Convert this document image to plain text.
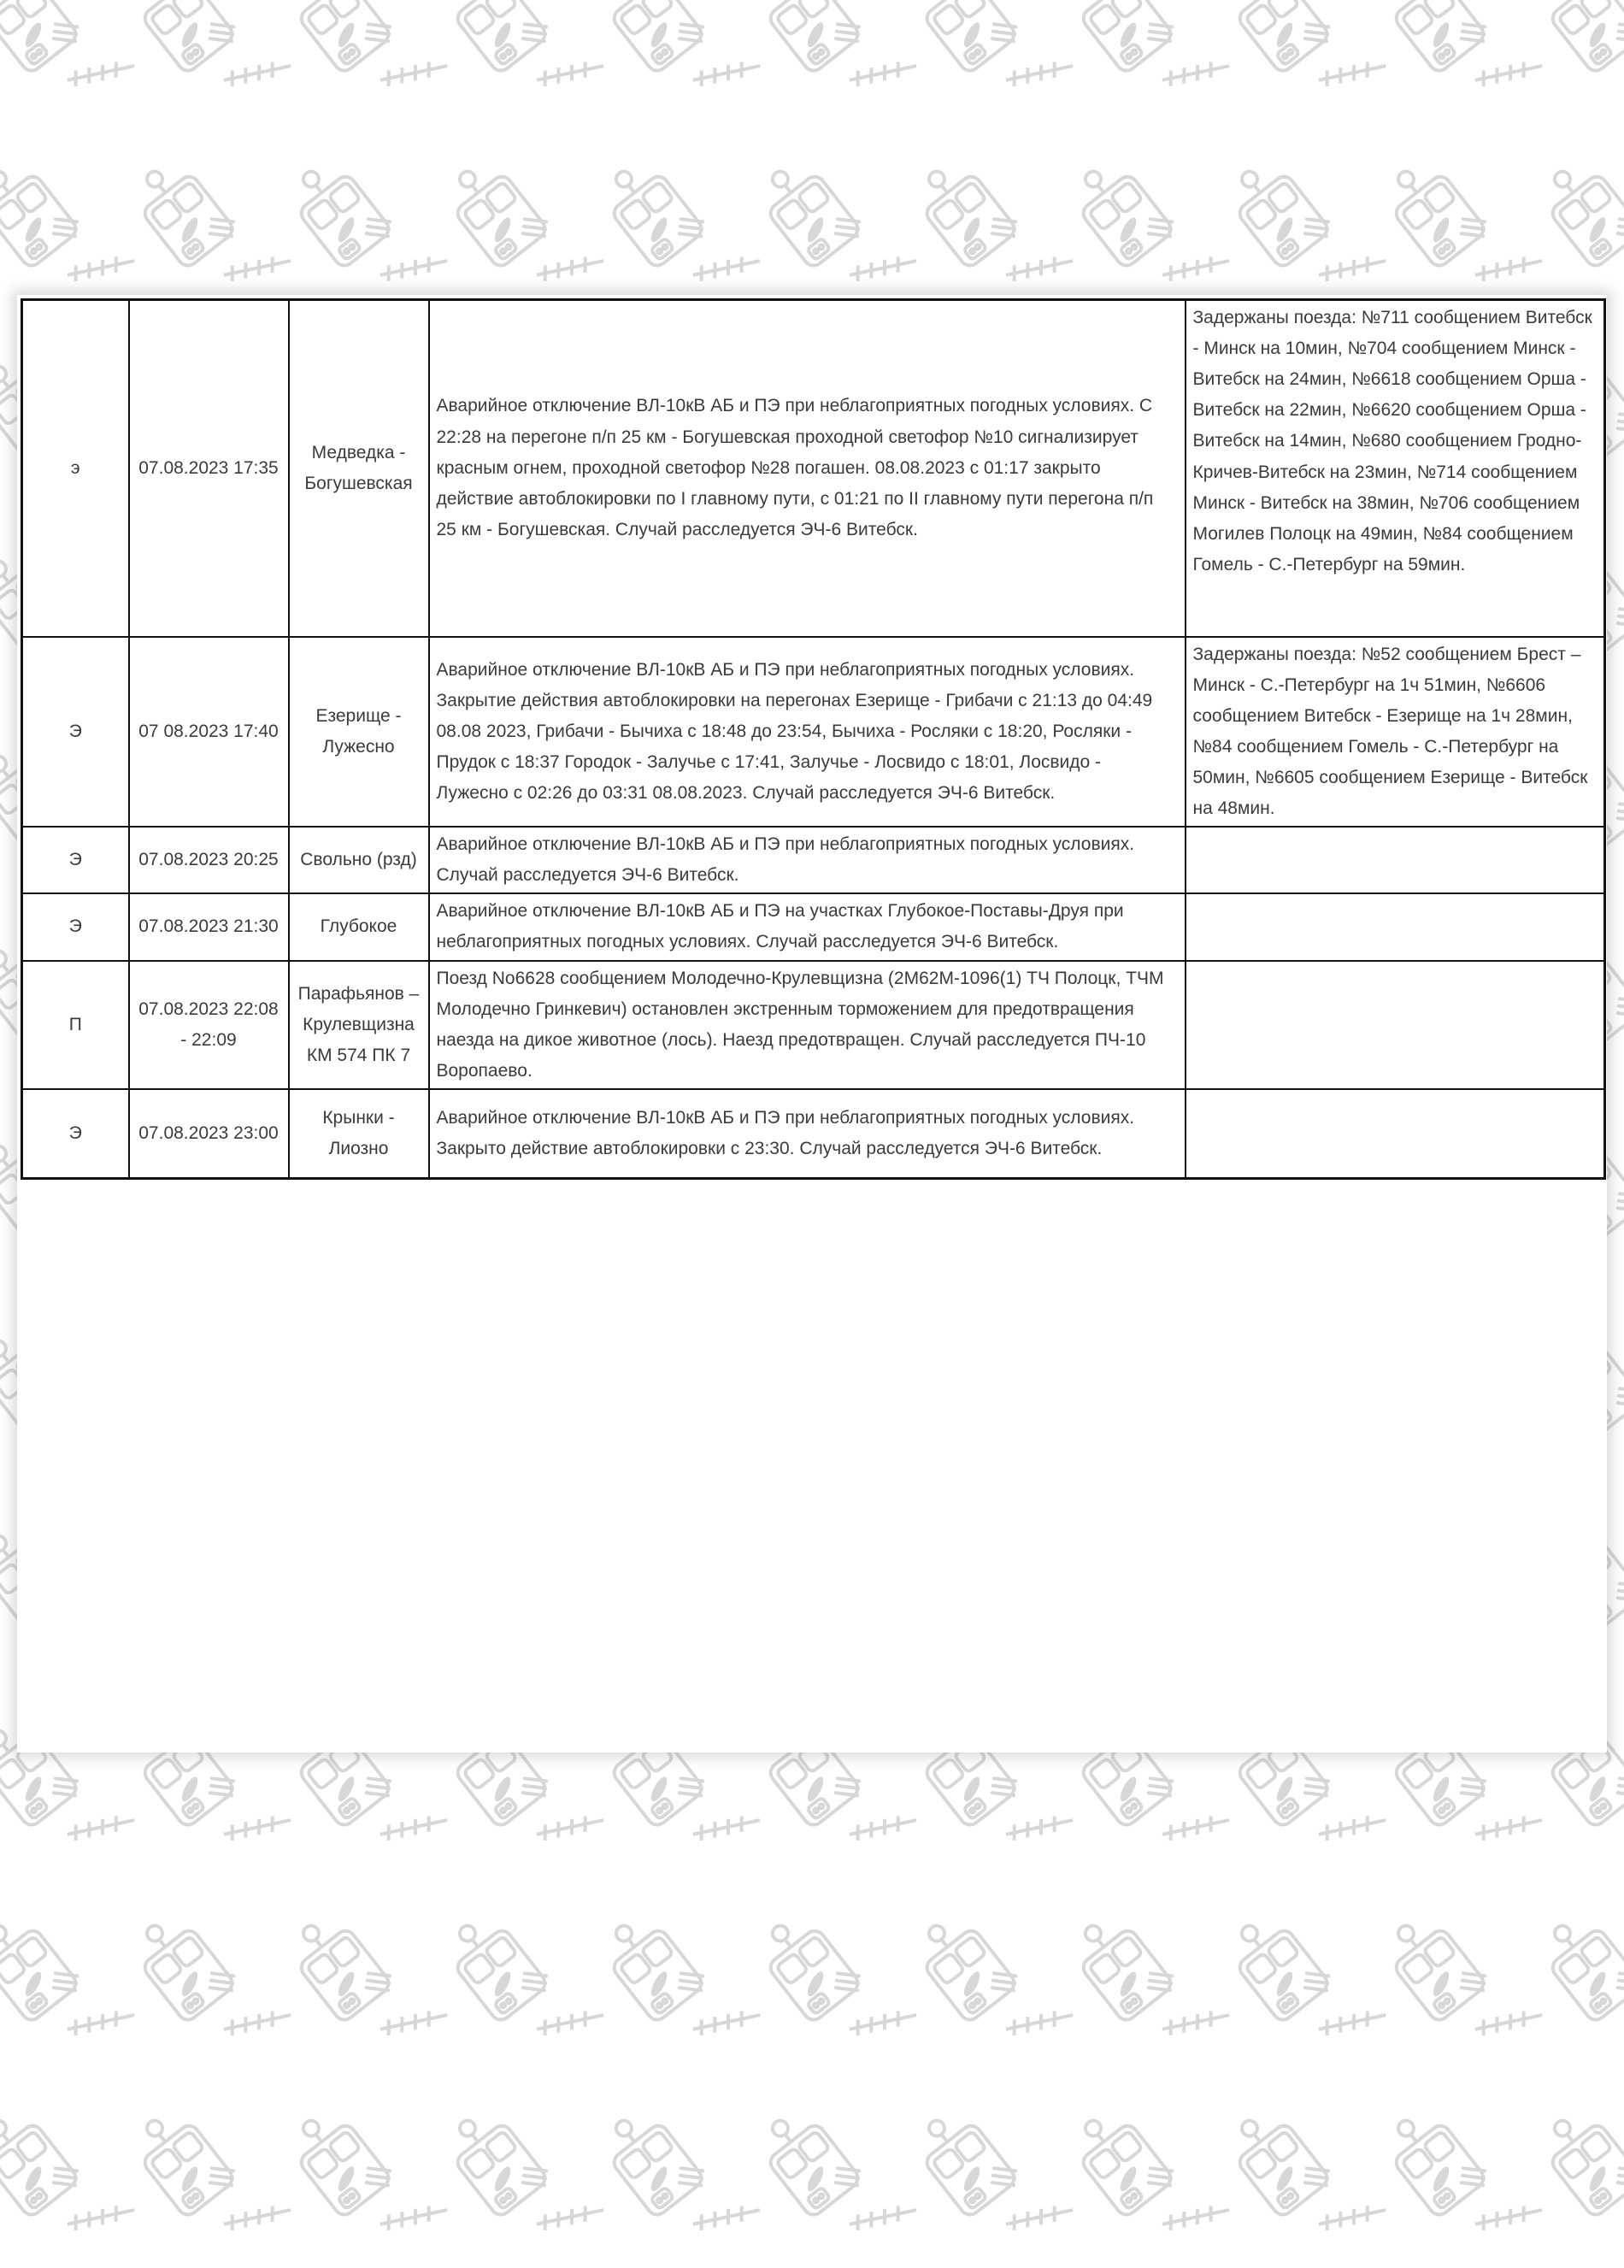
э	07.08.2023 17:35	Медведка - Богушевская	Аварийное отключение ВЛ-10кВ АБ и ПЭ при неблагоприятных погодных условиях. С 22:28 на перегоне п/п 25 км - Богушевская проходной светофор №10 сигнализирует красным огнем, проходной светофор №28 погашен. 08.08.2023 с 01:17 закрыто действие автоблокировки по I главному пути, с 01:21 по II главному пути перегона п/п 25 км - Богушевская. Случай расследуется ЭЧ-6 Витебск.	Задержаны поезда: №711 сообщением Витебск - Минск на 10мин, №704 сообщением Минск - Витебск на 24мин, №6618 сообщением Орша - Витебск на 22мин, №6620 сообщением Орша - Витебск на 14мин, №680 сообщением Гродно-Кричев-Витебск на 23мин, №714 сообщением Минск - Витебск на 38мин, №706 сообщением Могилев Полоцк на 49мин, №84 сообщением Гомель - С.-Петербург на 59мин.
Э	07 08.2023 17:40	Езерище - Лужесно	Аварийное отключение ВЛ-10кВ АБ и ПЭ при неблагоприятных погодных условиях. Закрытие действия автоблокировки на перегонах Езерище - Грибачи с 21:13 до 04:49 08.08 2023, Грибачи - Бычиха с 18:48 до 23:54, Бычиха - Росляки с 18:20, Росляки - Прудок с 18:37 Городок - Залучье с 17:41, Залучье - Лосвидо с 18:01, Лосвидо - Лужесно с 02:26 до 03:31 08.08.2023. Случай расследуется ЭЧ-6 Витебск.	Задержаны поезда: №52 сообщением Брест – Минск - С.-Петербург на 1ч 51мин, №6606 сообщением Витебск - Езерище на 1ч 28мин, №84 сообщением Гомель - С.-Петербург на 50мин, №6605 сообщением Езерище - Витебск на 48мин.
Э	07.08.2023 20:25	Свольно (рзд)	Аварийное отключение ВЛ-10кВ АБ и ПЭ при неблагоприятных погодных условиях. Случай расследуется ЭЧ-6 Витебск.	
Э	07.08.2023 21:30	Глубокое	Аварийное отключение ВЛ-10кВ АБ и ПЭ на участках Глубокое-Поставы-Друя при неблагоприятных погодных условиях. Случай расследуется ЭЧ-6 Витебск.	
П	07.08.2023 22:08 - 22:09	Парафьянов – Крулевщизна КМ 574 ПК 7	Поезд No6628 сообщением Молодечно-Крулевщизна (2М62М-1096(1) ТЧ Полоцк, ТЧМ Молодечно Гринкевич) остановлен экстренным торможением для предотвращения наезда на дикое животное (лось). Наезд предотвращен. Случай расследуется ПЧ-10 Воропаево.	
Э	07.08.2023 23:00	Крынки - Лиозно	Аварийное отключение ВЛ-10кВ АБ и ПЭ при неблагоприятных погодных условиях. Закрыто действие автоблокировки с 23:30. Случай расследуется ЭЧ-6 Витебск.	
